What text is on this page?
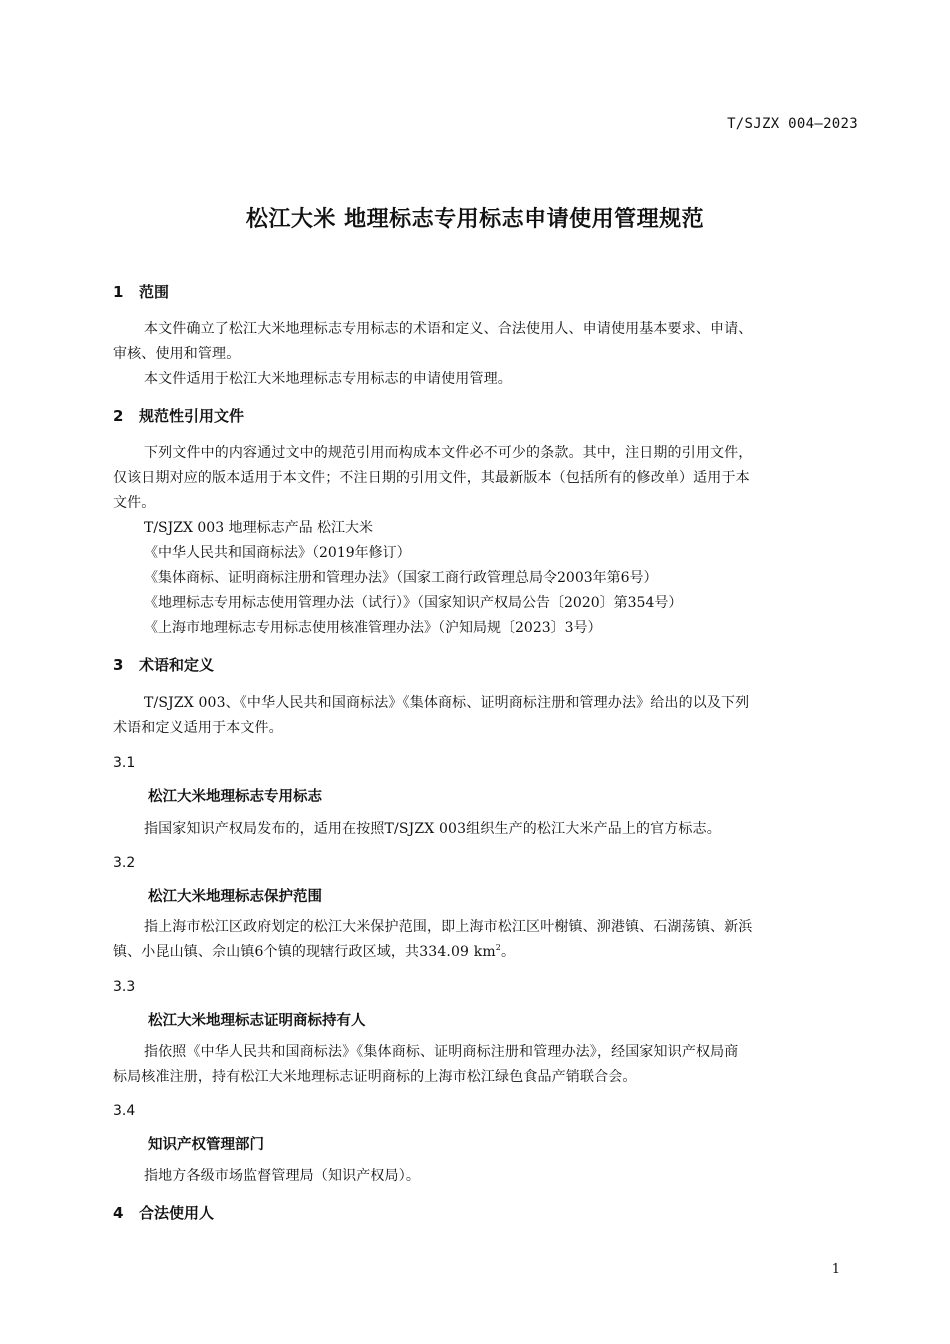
T/SJZX 004—2023
松江大米 地理标志专用标志申请使用管理规范
1 范围
本文件确立了松江大米地理标志专用标志的术语和定义、合法使用人、申请使用基本要求、申请、
审核、使用和管理。
本文件适用于松江大米地理标志专用标志的申请使用管理。
2 规范性引用文件
下列文件中的内容通过文中的规范引用而构成本文件必不可少的条款。其中，注日期的引用文件，
仅该日期对应的版本适用于本文件；不注日期的引用文件，其最新版本（包括所有的修改单）适用于本
文件。
T/SJZX 003 地理标志产品 松江大米
《中华人民共和国商标法》（2019年修订）
《集体商标、证明商标注册和管理办法》（国家工商行政管理总局令2003年第6号）
《地理标志专用标志使用管理办法（试行）》（国家知识产权局公告〔2020〕第354号）
《上海市地理标志专用标志使用核准管理办法》（沪知局规〔2023〕3号）
3 术语和定义
T/SJZX 003、《中华人民共和国商标法》《集体商标、证明商标注册和管理办法》给出的以及下列
术语和定义适用于本文件。
3.1
松江大米地理标志专用标志
指国家知识产权局发布的，适用在按照T/SJZX 003组织生产的松江大米产品上的官方标志。
3.2
松江大米地理标志保护范围
指上海市松江区政府划定的松江大米保护范围，即上海市松江区叶榭镇、泖港镇、石湖荡镇、新浜
镇、小昆山镇、佘山镇6个镇的现辖行政区域，共334.09 $km^2$。
3.3
松江大米地理标志证明商标持有人
指依照《中华人民共和国商标法》《集体商标、证明商标注册和管理办法》，经国家知识产权局商
标局核准注册，持有松江大米地理标志证明商标的上海市松江绿色食品产销联合会。
3.4
知识产权管理部门
指地方各级市场监督管理局（知识产权局）。
4 合法使用人
1
